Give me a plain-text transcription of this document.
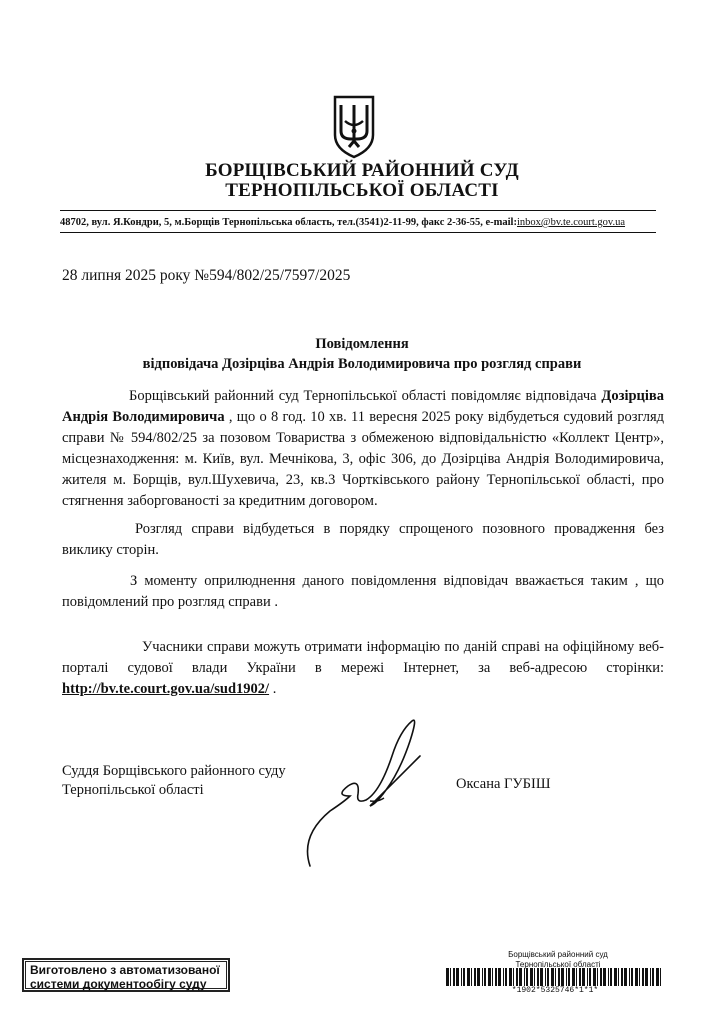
БОРЩІВСЬКИЙ РАЙОННИЙ СУД
ТЕРНОПІЛЬСЬКОЇ ОБЛАСТІ
48702, вул. Я.Кондри, 5, м.Борщів Тернопільська область, тел.(3541)2-11-99, факс 2-36-55, e-mail:inbox@bv.te.court.gov.ua
28 липня 2025 року №594/802/25/7597/2025
Повідомлення
відповідача Дозірціва Андрія Володимировича про розгляд справи
Борщівський районний суд Тернопільської області повідомляє відповідача Дозірціва Андрія Володимировича , що о 8 год. 10 хв. 11 вересня 2025 року відбудеться судовий розгляд справи № 594/802/25 за позовом Товариства з обмеженою відповідальністю «Коллект Центр», місцезнаходження: м. Київ, вул. Мечнікова, 3, офіс 306, до Дозірціва Андрія Володимировича, жителя м. Борщів, вул.Шухевича, 23, кв.3 Чортківського району Тернопільської області, про стягнення заборгованості за кредитним договором.
Розгляд справи відбудеться в порядку спрощеного позовного провадження без виклику сторін.
З моменту оприлюднення даного повідомлення відповідач вважається таким , що повідомлений про розгляд справи .
Учасники справи можуть отримати інформацію по даній справі на офіційному веб-порталі судової влади України в мережі Інтернет, за веб-адресою сторінки: http://bv.te.court.gov.ua/sud1902/ .
Суддя Борщівського районного суду
Тернопільської області	Оксана ГУБІШ
Виготовлено з автоматизованої
системи документообігу суду
Борщівський районний суд
Тернопільської області
*1902*5325746*1*1*
